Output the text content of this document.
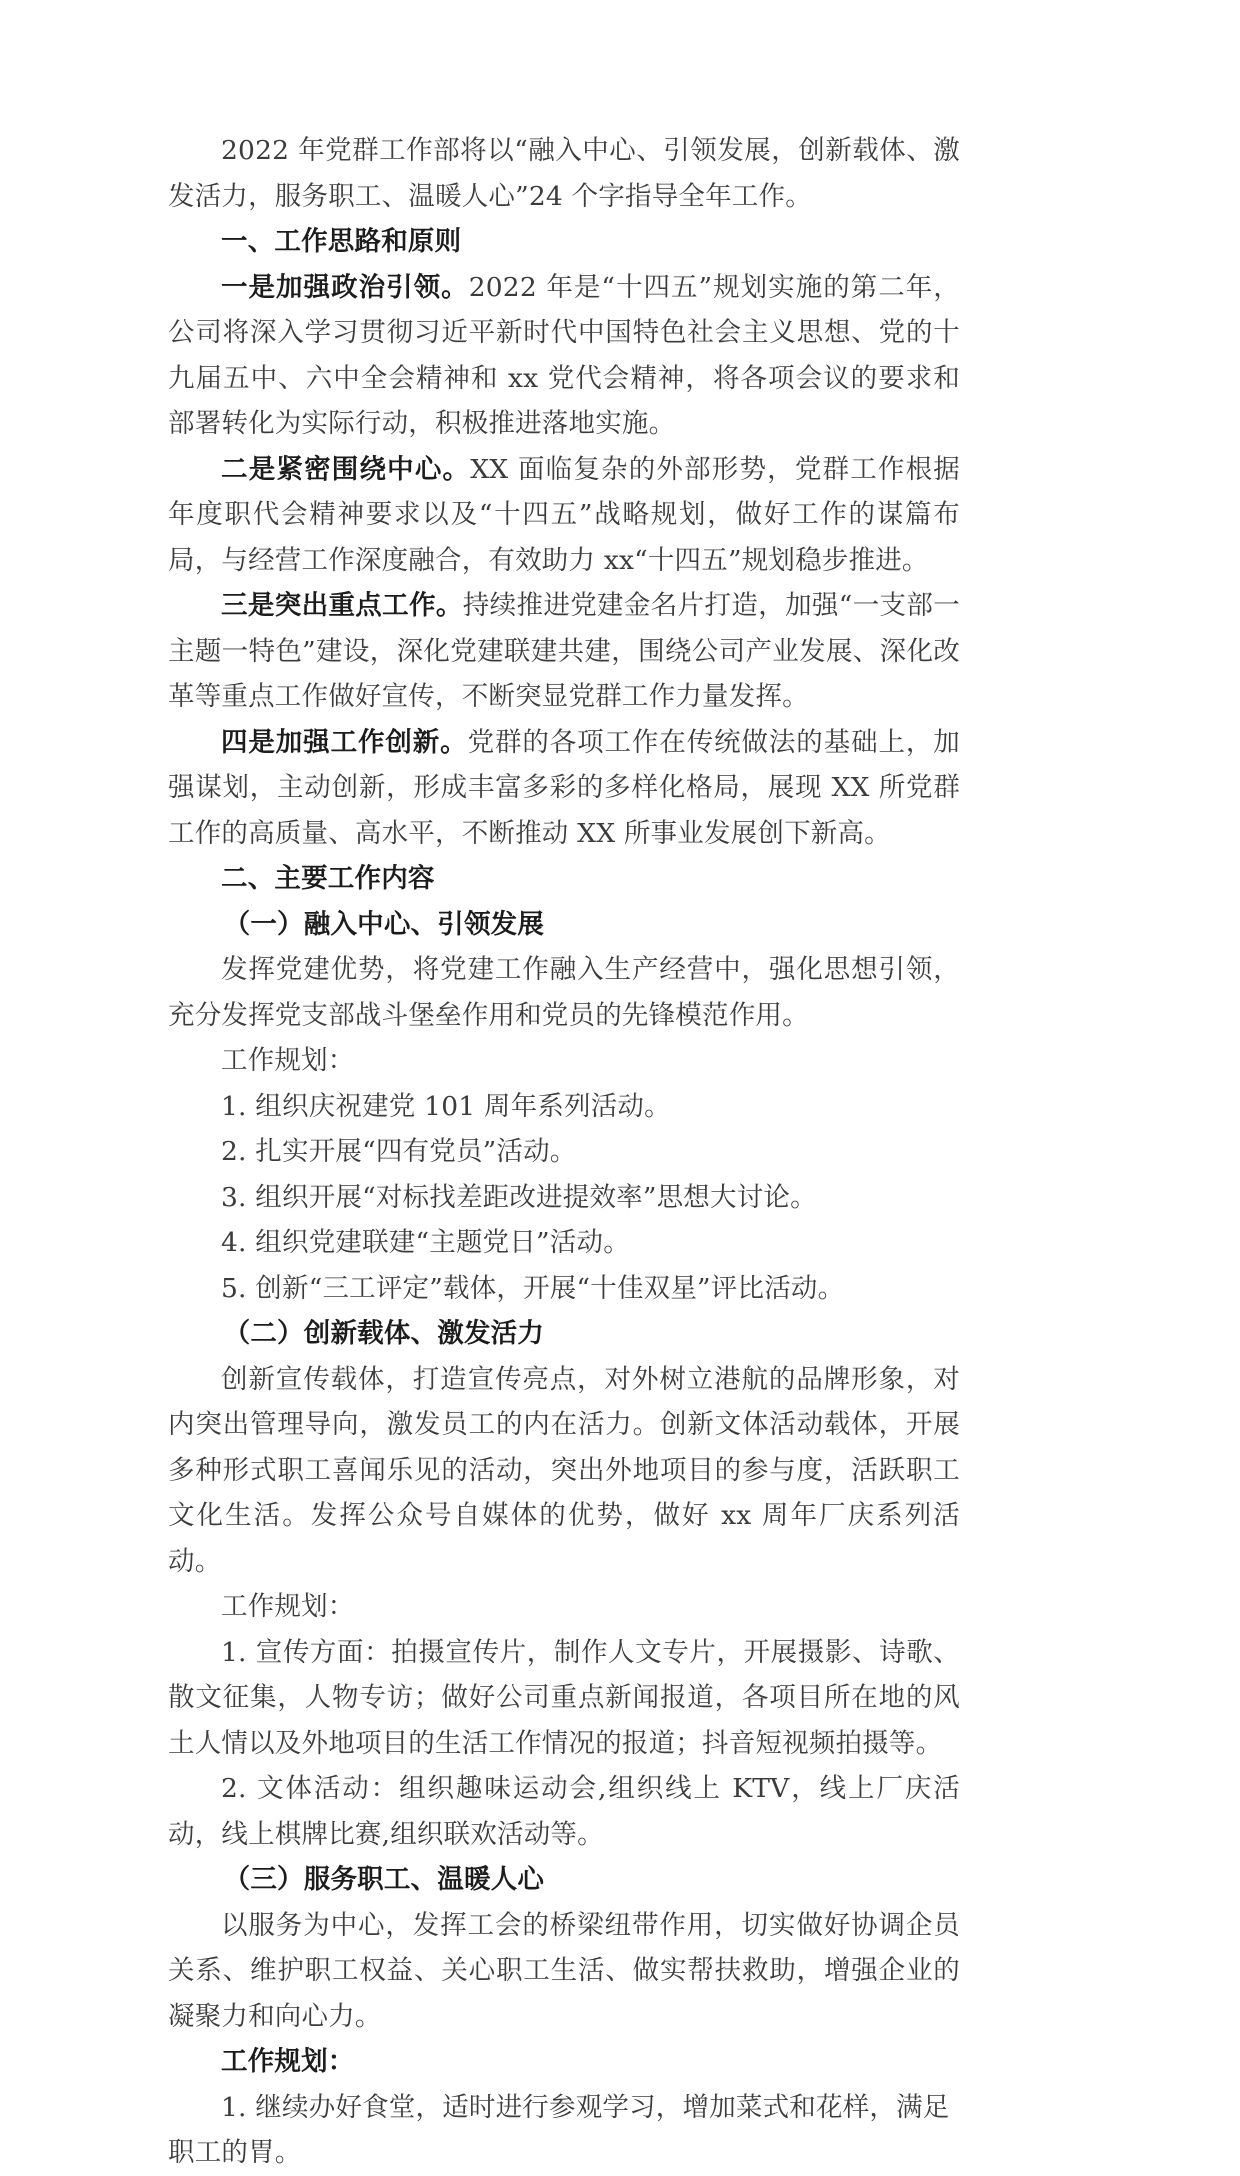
2022 年党群工作部将以“融入中心、引领发展，创新载体、激发活力，服务职工、温暖人心”24 个字指导全年工作。

一、工作思路和原则

一是加强政治引领。2022 年是“十四五”规划实施的第二年，公司将深入学习贯彻习近平新时代中国特色社会主义思想、党的十九届五中、六中全会精神和 xx 党代会精神，将各项会议的要求和部署转化为实际行动，积极推进落地实施。

二是紧密围绕中心。XX 面临复杂的外部形势，党群工作根据年度职代会精神要求以及“十四五”战略规划，做好工作的谋篇布局，与经营工作深度融合，有效助力 xx“十四五”规划稳步推进。

三是突出重点工作。持续推进党建金名片打造，加强“一支部一主题一特色”建设，深化党建联建共建，围绕公司产业发展、深化改革等重点工作做好宣传，不断突显党群工作力量发挥。

四是加强工作创新。党群的各项工作在传统做法的基础上，加强谋划，主动创新，形成丰富多彩的多样化格局，展现 XX 所党群工作的高质量、高水平，不断推动 XX 所事业发展创下新高。

二、主要工作内容

（一）融入中心、引领发展

发挥党建优势，将党建工作融入生产经营中，强化思想引领，充分发挥党支部战斗堡垒作用和党员的先锋模范作用。

工作规划：

1. 组织庆祝建党 101 周年系列活动。

2. 扎实开展“四有党员”活动。

3. 组织开展“对标找差距改进提效率”思想大讨论。

4. 组织党建联建“主题党日”活动。

5. 创新“三工评定”载体，开展“十佳双星”评比活动。

（二）创新载体、激发活力

创新宣传载体，打造宣传亮点，对外树立港航的品牌形象，对内突出管理导向，激发员工的内在活力。创新文体活动载体，开展多种形式职工喜闻乐见的活动，突出外地项目的参与度，活跃职工文化生活。发挥公众号自媒体的优势，做好 xx 周年厂庆系列活动。

工作规划：

1. 宣传方面：拍摄宣传片，制作人文专片，开展摄影、诗歌、散文征集，人物专访；做好公司重点新闻报道，各项目所在地的风土人情以及外地项目的生活工作情况的报道；抖音短视频拍摄等。

2. 文体活动：组织趣味运动会,组织线上 KTV，线上厂庆活动，线上棋牌比赛,组织联欢活动等。

（三）服务职工、温暖人心

以服务为中心，发挥工会的桥梁纽带作用，切实做好协调企员关系、维护职工权益、关心职工生活、做实帮扶救助，增强企业的凝聚力和向心力。

工作规划：

1. 继续办好食堂，适时进行参观学习，增加菜式和花样，满足职工的胃。
